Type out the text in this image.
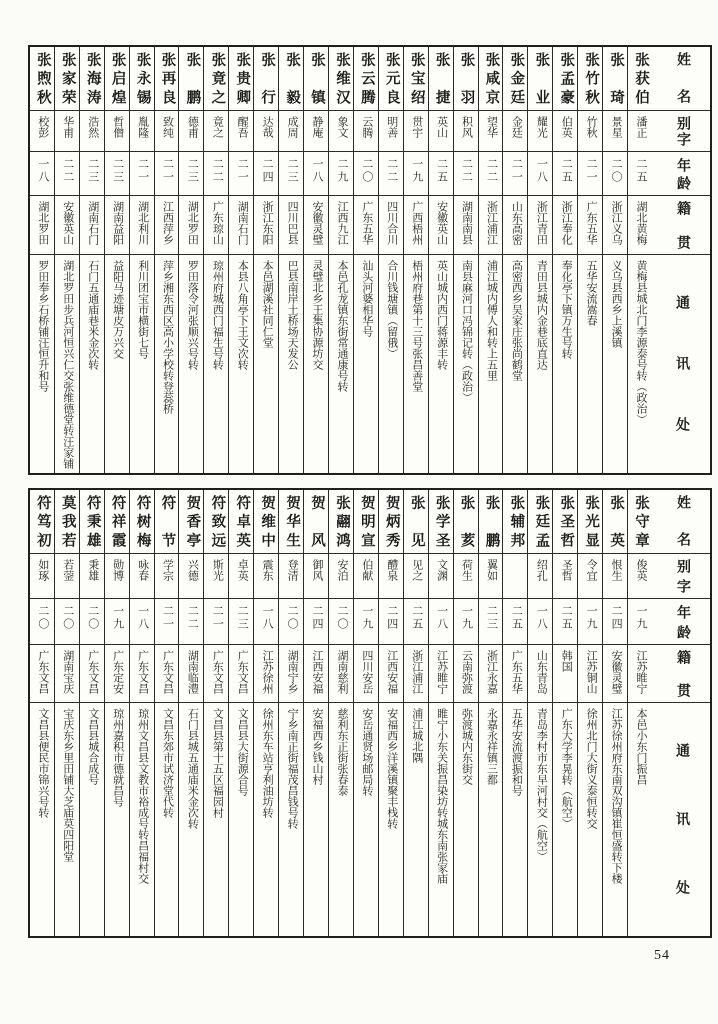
姓名
别字
年龄
籍贯
通讯处
张获伯
潘正
二五
湖北黄梅
黄梅县城北门李源泰号转（政治）
张琦
景星
二〇
浙江义乌
义乌县西乡上溪镇
张竹秋
竹秋
二一
广东五华
五华安流嵩春
张孟豪
伯英
二五
浙江奉化
奉化亭下镇万生号转
张业
耀光
一八
浙江青田
青田县城内金巷底直达
张金廷
金廷
二一
山东高密
高密西乡吴家庄张尚鹤堂
张咸京
望华
二二
浙江浦江
浦江城内傅人和转上五里
张羽
积风
二二
湖南南县
南县麻河口冯锦记转（政治）
张捷
英山
二五
安徽英山
英山城内西门蒋源丰转
张宝绍
贯宇
一九
广西梧州
梧州府巷第十三号张昌善堂
张元良
明善
二二
四川合川
合川钱塘镇（留俄）
张云腾
云腾
二〇
广东五华
汕头河婆相华号
张维汉
象文
二九
江西九江
本邑孔龙镇东街常通康号转
张镇
静庵
一八
安徽灵璧
灵璧北乡王集协源坊交
张毅
成周
二三
四川巴县
巴县南岸土桥场天发公
张行
达哉
二四
浙江东阳
本邑湖溪社同仁堂
张贵卿
醒吾
二一
湖南石门
本县八角亭下王文次转
张竟之
竟之
二二
广东琼山
琼州府城西门福生号转
张鹏
德甫
二三
湖北罗田
罗田落令河张顺兴号转
张再良
致纯
二一
江西萍乡
萍乡湘东西区高小学校转登蕊桥
张永锡
胤隆
二一
湖北利川
利川团宝市横街七号
张启煌
哲僧
二三
湖南益阳
益阳马迹塘皮万兴交
张海涛
浩然
二三
湖南石门
石门五通庙巷米金次转
张家荣
华甫
二二
安徽英山
湖北罗田步兵河恒兴仁交张维德堂转汪家铺
张煦秋
校彭
一八
湖北罗田
罗田奉乡石桥铺汪恒升和号
姓名
别字
年龄
籍贯
通讯处
张守章
俊英
一九
江苏睢宁
本邑小东门振昌
张英
恨生
二四
安徽灵璧
江苏徐州府东南双沟镇崔恒盛转下楼
张光显
令宜
一九
江苏铜山
徐州北门大街义泰恒转交
张圣哲
圣哲
二五
韩国
广东大学李晃转（航空）
张廷孟
绍孔
一八
山东青岛
青岛李村市东早河村交（航空）
张辅邦
二五
广东五华
五华安流渡振和号
张鹏
翼如
二三
浙江永嘉
永嘉永祥镇三都
张荄
荷生
一九
云南弥渡
弥渡城内东街交
张学圣
文渊
一八
江苏睢宁
睢宁小东关振昌染坊转城东南张家庙
张见
见之
二五
浙江浦江
浦江城北隅
贺炳秀
醴泉
二四
江西安福
安福西乡洋溪镇聚丰栈转
贺明宣
伯献
一九
四川安岳
安岳通贤场邮局转
张翮鸿
安泊
二〇
湖南慈利
慈利东正街张春泰
贺风
御风
二四
江西安福
安福西乡钱山村
贺华生
登清
二〇
湖南宁乡
宁乡南正街福茂昌钱号转
贺维中
震东
一八
江苏徐州
徐州东车站亨利油坊转
符卓英
卓英
二三
广东文昌
文昌县大街源合号
符致远
斯光
二一
广东文昌
文昌县第十五区福园村
贺香亭
兴德
二二
湖南临澧
石门县城五通庙米金次转
符节
学宗
二一
广东文昌
文昌东郊市试济堂代转
符树梅
咏春
一八
广东文昌
琼州文昌县文教市裕成号转昌福村交
符祥霞
勋博
一九
广东定安
琼州嘉积市德就昌号
符秉雄
秉雄
二〇
广东文昌
文昌县城合成号
莫我若
若蓥
二〇
湖南宝庆
宝庆东乡里田铺大芝庙莫四阳堂
符笃初
如琢
二〇
广东文昌
文昌县便民市锦兴号转
54
